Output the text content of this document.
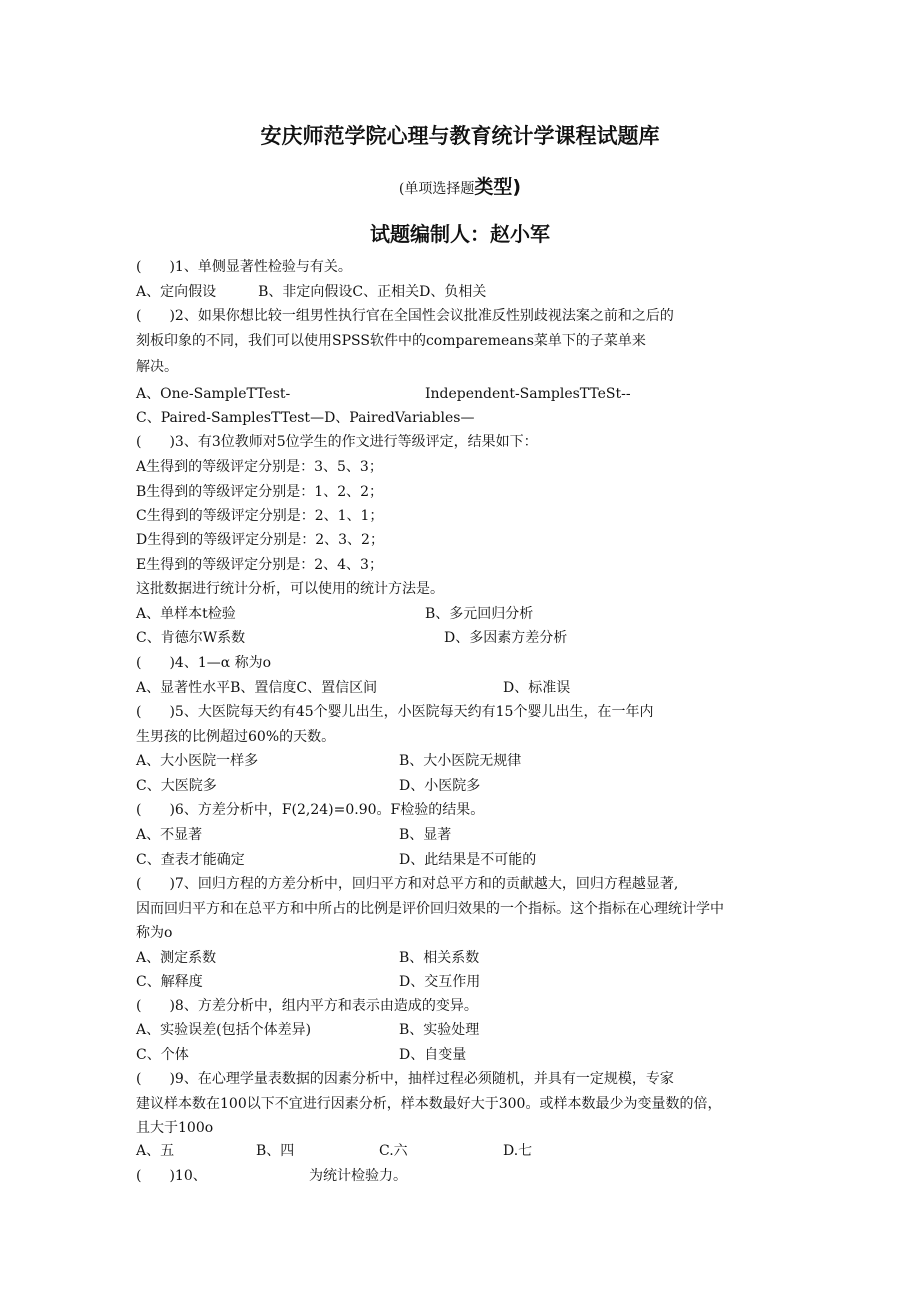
安庆师范学院心理与教育统计学课程试题库
(单项选择题类型)
试题编制人：赵小军
(　　)1、单侧显著性检验与有关。
A、定向假设　　　B、非定向假设C、正相关D、负相关
(　　)2、如果你想比较一组男性执行官在全国性会议批准反性别歧视法案之前和之后的
刻板印象的不同，我们可以使用SPSS软件中的comparemeans菜单下的子菜单来
解决。
A、One-SampleTTest-	Independent-SamplesTTeSt--
C、Paired-SamplesTTest—D、PairedVariables—
(　　)3、有3位教师对5位学生的作文进行等级评定，结果如下：
A生得到的等级评定分别是：3、5、3；
B生得到的等级评定分别是：1、2、2；
C生得到的等级评定分别是：2、1、1；
D生得到的等级评定分别是：2、3、2；
E生得到的等级评定分别是：2、4、3；
这批数据进行统计分析，可以使用的统计方法是。
A、单样本t检验	B、多元回归分析
C、肯德尔W系数	D、多因素方差分析
(　　)4、1—α 称为o
A、显著性水平B、置信度C、置信区间	D、标准误
(　　)5、大医院每天约有45个婴儿出生，小医院每天约有15个婴儿出生，在一年内
生男孩的比例超过60%的天数。
A、大小医院一样多	B、大小医院无规律
C、大医院多	D、小医院多
(　　)6、方差分析中，F(2,24)=0.90。F检验的结果。
A、不显著	B、显著
C、查表才能确定	D、此结果是不可能的
(　　)7、回归方程的方差分析中，回归平方和对总平方和的贡献越大，回归方程越显著,
因而回归平方和在总平方和中所占的比例是评价回归效果的一个指标。这个指标在心理统计学中
称为o
A、测定系数	B、相关系数
C、解释度	D、交互作用
(　　)8、方差分析中，组内平方和表示由造成的变异。
A、实验误差(包括个体差异)	B、实验处理
C、个体	D、自变量
(　　)9、在心理学量表数据的因素分析中，抽样过程必须随机，并具有一定规模，专家
建议样本数在100以下不宜进行因素分析，样本数最好大于300。或样本数最少为变量数的倍，
且大于100o
A、五	B、四	C.六	D.七
(　　)10、	为统计检验力。
